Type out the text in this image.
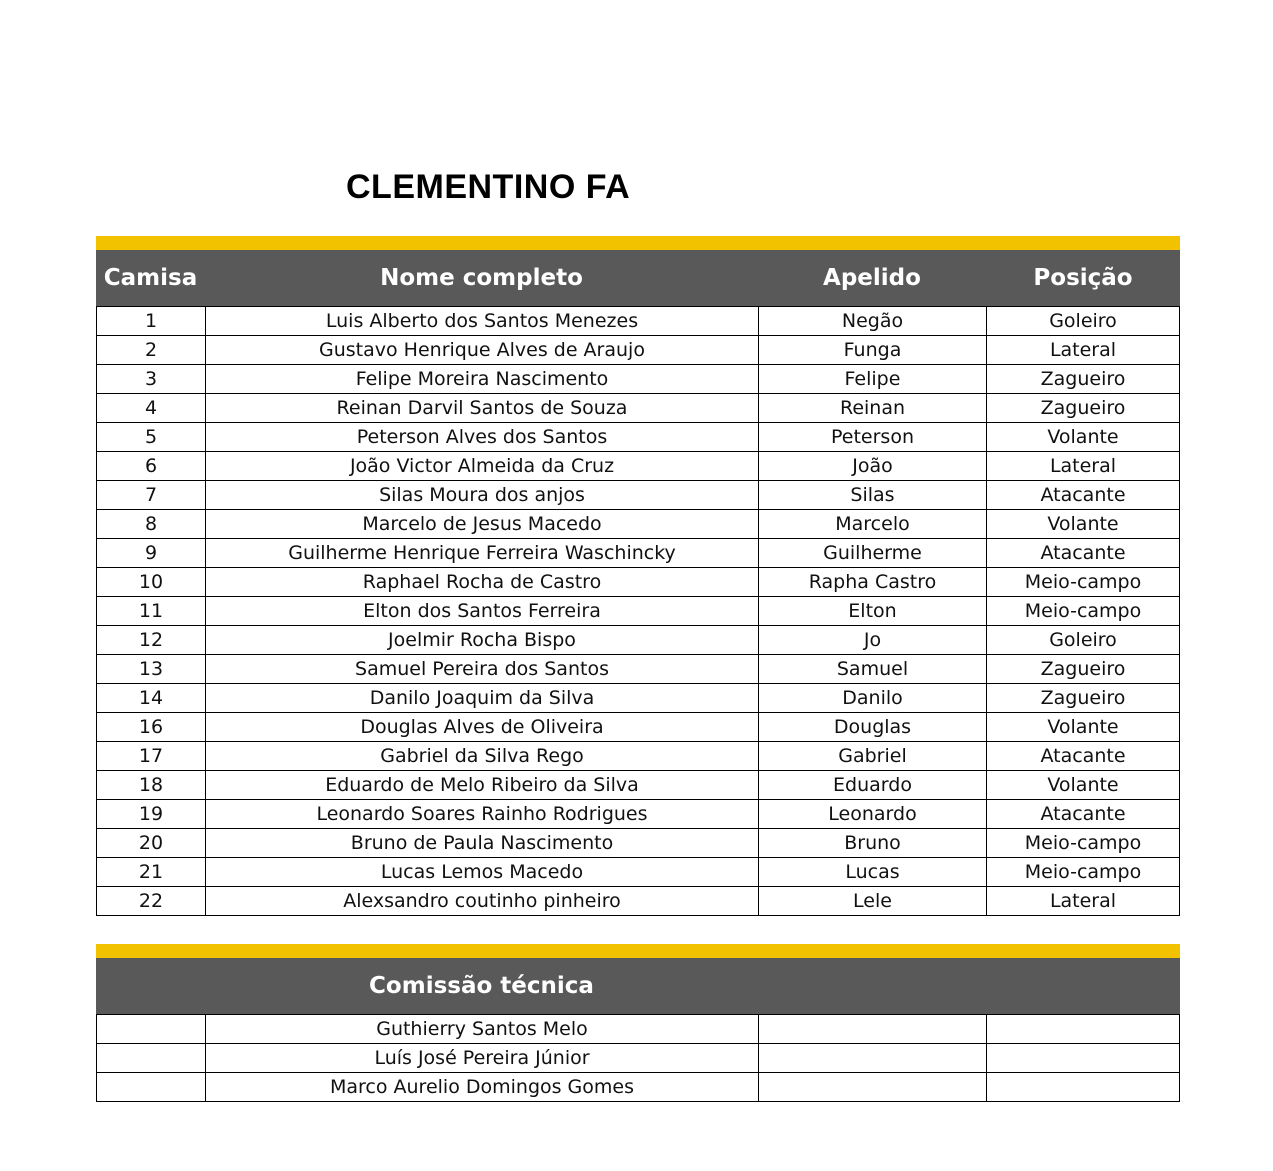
CLEMENTINO FA
Camisa	Nome completo	Apelido	Posição
1	Luis Alberto dos Santos Menezes	Negão	Goleiro
2	Gustavo Henrique Alves de Araujo	Funga	Lateral
3	Felipe Moreira Nascimento	Felipe	Zagueiro
4	Reinan Darvil Santos de Souza	Reinan	Zagueiro
5	Peterson Alves dos Santos	Peterson	Volante
6	João Victor Almeida da Cruz	João	Lateral
7	Silas Moura dos anjos	Silas	Atacante
8	Marcelo de Jesus Macedo	Marcelo	Volante
9	Guilherme Henrique Ferreira Waschincky	Guilherme	Atacante
10	Raphael Rocha de Castro	Rapha Castro	Meio-campo
11	Elton dos Santos Ferreira	Elton	Meio-campo
12	Joelmir Rocha Bispo	Jo	Goleiro
13	Samuel Pereira dos Santos	Samuel	Zagueiro
14	Danilo Joaquim da Silva	Danilo	Zagueiro
16	Douglas Alves de Oliveira	Douglas	Volante
17	Gabriel da Silva Rego	Gabriel	Atacante
18	Eduardo de Melo Ribeiro da Silva	Eduardo	Volante
19	Leonardo Soares Rainho Rodrigues	Leonardo	Atacante
20	Bruno de Paula Nascimento	Bruno	Meio-campo
21	Lucas Lemos Macedo	Lucas	Meio-campo
22	Alexsandro coutinho pinheiro	Lele	Lateral
Comissão técnica
Guthierry Santos Melo
Luís José Pereira Júnior
Marco Aurelio Domingos Gomes
